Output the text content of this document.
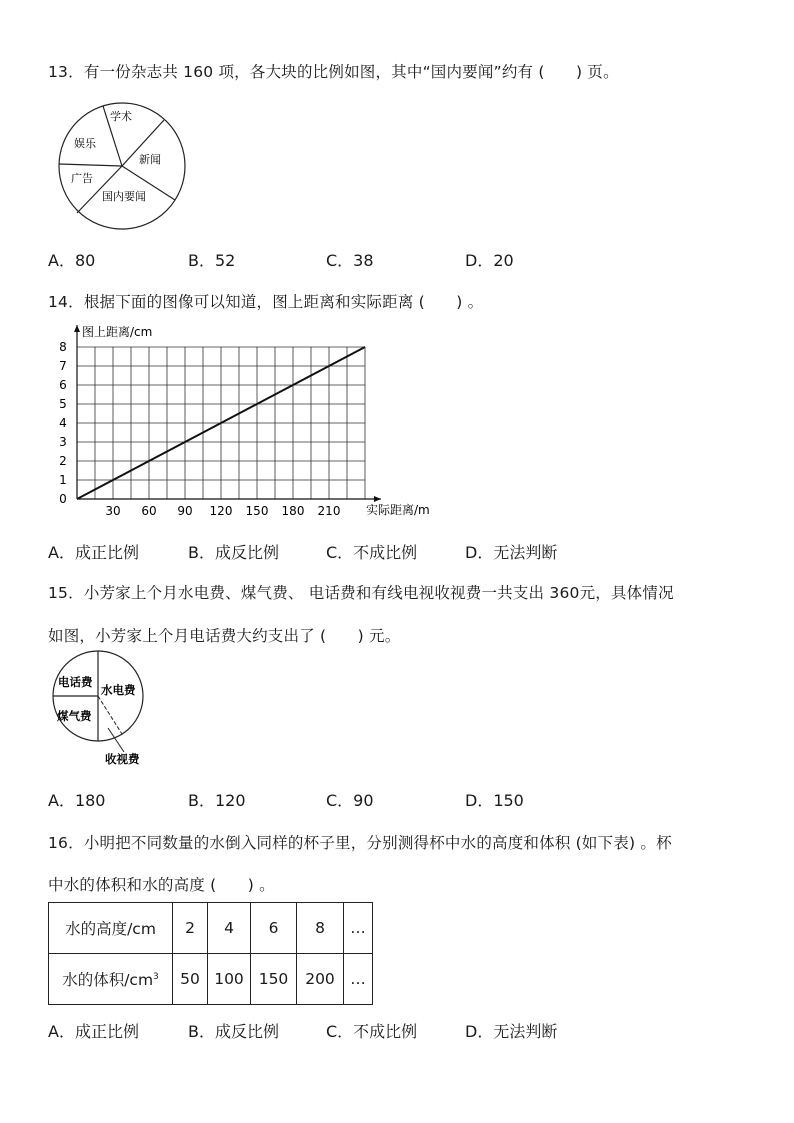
13．有一份杂志共 160 项，各大块的比例如图，其中“国内要闻”约有 (　　) 页。
学术
新闻
国内要闻
广告
娱乐
A．80	B．52	C．38	D．20
14．根据下面的图像可以知道，图上距离和实际距离 (　　) 。
30 60 90 120 150 180 210
0
1
2
3
4
5
6
7
8
图上距离/cm
实际距离/m
A．成正比例	B．成反比例	C．不成比例	D．无法判断
15．小芳家上个月水电费、煤气费、 电话费和有线电视收视费一共支出 360元，具体情况
如图，小芳家上个月电话费大约支出了 (　　) 元。
电话费
水电费
煤气费
收视费
A．180	B．120	C．90	D．150
16．小明把不同数量的水倒入同样的杯子里，分别测得杯中水的高度和体积 (如下表) 。杯
中水的体积和水的高度 (　　) 。
水的高度/cm	2	4	6	8	…
水的体积$/cm^3$	50	100	150	200	…
A．成正比例	B．成反比例	C．不成比例	D．无法判断
